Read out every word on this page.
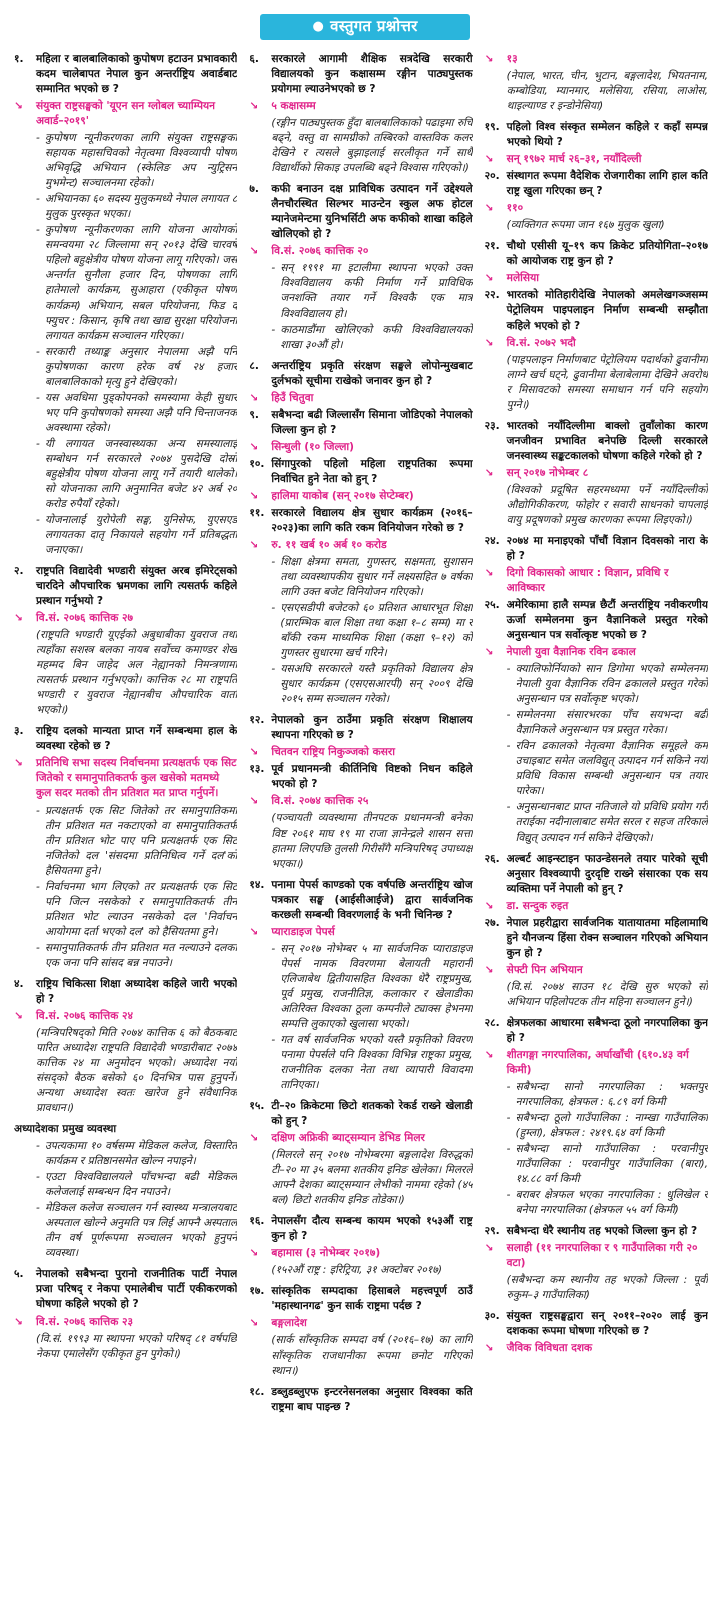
● वस्तुगत प्रश्नोत्तर
१.	महिला र बालबालिकाको कुपोषण हटाउन प्रभावकारी कदम चालेबापत नेपाल कुन अन्तर्राष्ट्रिय अवार्डबाट सम्मानित भएको छ ?
↘	संयुक्त राष्ट्रसङ्घको 'यूएन सन ग्लोबल च्याम्पियन अवार्ड–२०१९'
- कुपोषण न्यूनीकरणका लागि संयुक्त राष्ट्रसङ्घका सहायक महासचिवको नेतृत्वमा विश्वव्यापी पोषण अभिवृद्धि अभियान (स्केलिङ अप न्युट्रिसन मुभमेन्ट) सञ्चालनमा रहेको।
- अभियानका ६० सदस्य मुलुकमध्ये नेपाल लगायत ८ मुलुक पुरस्कृत भएका।
- कुपोषण न्यूनीकरणका लागि योजना आयोगको समन्वयमा २८ जिल्लामा सन् २०१३ देखि चारवर्षे पहिलो बहुक्षेत्रीय पोषण योजना लागू गरिएको। जस अन्तर्गत सुनौला हजार दिन, पोषणका लागि हातेमालो कार्यक्रम, सुआहारा (एकीकृत पोषण कार्यक्रम) अभियान, सबल परियोजना, फिड द फ्युचर : किसान, कृषि तथा खाद्य सुरक्षा परियोजना लगायत कार्यक्रम सञ्चालन गरिएका।
- सरकारी तथ्याङ्क अनुसार नेपालमा अझै पनि कुपोषणका कारण हरेक वर्ष २४ हजार बालबालिकाको मृत्यु हुने देखिएको।
- यस अवधिमा पुड्कोपनको समस्यामा केही सुधार भए पनि कुपोषणको समस्या अझै पनि चिन्ताजनक अवस्थामा रहेको।
- यी लगायत जनस्वास्थ्यका अन्य समस्यालाई सम्बोधन गर्न सरकारले २०७४ पुसदेखि दोस्रो बहुक्षेत्रीय पोषण योजना लागू गर्ने तयारी थालेको। सो योजनाका लागि अनुमानित बजेट ४२ अर्ब २० करोड रुपैयाँ रहेको।
- योजनालाई युरोपेली सङ्घ, युनिसेफ, युएसएड लगायतका दातृ निकायले सहयोग गर्ने प्रतिबद्धता जनाएका।
२.	राष्ट्रपति विद्यादेवी भण्डारी संयुक्त अरब इमिरेट्सको चारदिने औपचारिक भ्रमणका लागि त्यसतर्फ कहिले प्रस्थान गर्नुभयो ?
↘	वि.सं. २०७६ कात्तिक २७
(राष्ट्रपति भण्डारी यूएईको अबुधाबीका युवराज तथा त्यहाँका सशस्त्र बलका नायब सर्वोच्च कमाण्डर शेख महम्मद बिन जाहेद अल नेह्यानको निमन्त्रणामा त्यसतर्फ प्रस्थान गर्नुभएको। कात्तिक २८ मा राष्ट्रपति भण्डारी र युवराज नेह्यानबीच औपचारिक वार्ता भएको।)
३.	राष्ट्रिय दलको मान्यता प्राप्त गर्ने सम्बन्धमा हाल के व्यवस्था रहेको छ ?
↘	प्रतिनिधि सभा सदस्य निर्वाचनमा प्रत्यक्षतर्फ एक सिट जितेको र समानुपातिकतर्फ कुल खसेको मतमध्ये कुल सदर मतको तीन प्रतिशत मत प्राप्त गर्नुपर्ने।
- प्रत्यक्षतर्फ एक सिट जितेको तर समानुपातिकमा तीन प्रतिशत मत नकटाएको वा समानुपातिकतर्फ तीन प्रतिशत भोट पाए पनि प्रत्यक्षतर्फ एक सिट नजितेको दल 'संसदमा प्रतिनिधित्व गर्ने दल'को हैसियतमा हुने।
- निर्वाचनमा भाग लिएको तर प्रत्यक्षतर्फ एक सिट पनि जित्न नसकेको र समानुपातिकतर्फ तीन प्रतिशत भोट ल्याउन नसकेको दल 'निर्वाचन आयोगमा दर्ता भएको दल' को हैसियतमा हुने।
- समानुपातिकतर्फ तीन प्रतिशत मत नल्याउने दलका एक जना पनि सांसद बन्न नपाउने।
४.	राष्ट्रिय चिकित्सा शिक्षा अध्यादेश कहिले जारी भएको हो ?
↘	वि.सं. २०७६ कात्तिक २४
(मन्त्रिपरिषद्को मिति २०७४ कात्तिक ६ को बैठकबाट पारित अध्यादेश राष्ट्रपति विद्यादेवी भण्डारीबाट २०७४ कात्तिक २४ मा अनुमोदन भएको। अध्यादेश नयाँ संसद्को बैठक बसेको ६० दिनभित्र पास हुनुपर्ने। अन्यथा अध्यादेश स्वतः खारेज हुने संवैधानिक प्रावधान।)
अध्यादेशका प्रमुख व्यवस्था
- उपत्यकामा १० वर्षसम्म मेडिकल कलेज, विस्तारित कार्यक्रम र प्रतिष्ठानसमेत खोल्न नपाइने।
- एउटा विश्वविद्यालयले पाँचभन्दा बढी मेडिकल कलेजलाई सम्बन्धन दिन नपाउने।
- मेडिकल कलेज सञ्चालन गर्न स्वास्थ्य मन्त्रालयबाट अस्पताल खोल्ने अनुमति पत्र लिई आफ्नै अस्पताल तीन वर्ष पूर्णरूपमा सञ्चालन भएको हुनुपर्ने व्यवस्था।
५.	नेपालको सबैभन्दा पुरानो राजनीतिक पार्टी नेपाल प्रजा परिषद् र नेकपा एमालेबीच पार्टी एकीकरणको घोषणा कहिले भएको हो ?
↘	वि.सं. २०७६ कात्तिक २३
(वि.सं. १९९३ मा स्थापना भएको परिषद् ८१ वर्षपछि नेकपा एमालेसँग एकीकृत हुन पुगेको।)
६.	सरकारले आगामी शैक्षिक सत्रदेखि सरकारी विद्यालयको कुन कक्षासम्म रङ्गीन पाठ्यपुस्तक प्रयोगमा ल्याउनेभएको छ ?
↘	५ कक्षासम्म
(रङ्गीन पाठ्यपुस्तक हुँदा बालबालिकाको पढाइमा रुचि बढ्ने, वस्तु वा सामग्रीको तस्बिरको वास्तविक कलर देखिने र त्यसले बुझाइलाई सरलीकृत गर्ने साथै विद्यार्थीको सिकाइ उपलब्धि बढ्ने विश्वास गरिएको।)
७.	कफी बनाउन दक्ष प्राविधिक उत्पादन गर्ने उद्देश्यले लैनचौरस्थित सिल्भर माउन्टेन स्कुल अफ होटल म्यानेजमेन्टमा युनिभर्सिटी अफ कफीको शाखा कहिले खोलिएको हो ?
↘	वि.सं. २०७६ कात्तिक २०
- सन् १९९१ मा इटालीमा स्थापना भएको उक्त विश्वविद्यालय कफी निर्माण गर्ने प्राविधिक जनशक्ति तयार गर्ने विश्वकै एक मात्र विश्वविद्यालय हो।
- काठमाडौंमा खोलिएको कफी विश्वविद्यालयको शाखा ३०औं हो।
८.	अन्तर्राष्ट्रिय प्रकृति संरक्षण सङ्घले लोपोन्मुखबाट दुर्लभको सूचीमा राखेको जनावर कुन हो ?
↘	हिउँ चितुवा
९.	सबैभन्दा बढी जिल्लासँग सिमाना जोडिएको नेपालको जिल्ला कुन हो ?
↘	सिन्धुली (१० जिल्ला)
१०. सिंगापुरको पहिलो महिला राष्ट्रपतिका रूपमा निर्वाचित हुने नेता को हुन् ?
↘	हालिमा याकोब (सन् २०१७ सेप्टेम्बर)
११. सरकारले विद्यालय क्षेत्र सुधार कार्यक्रम (२०१६–२०२३)का लागि कति रकम विनियोजन गरेको छ ?
↘	रु. ११ खर्ब १० अर्ब १० करोड
- शिक्षा क्षेत्रमा समता, गुणस्तर, सक्षमता, सुशासन तथा व्यवस्थापकीय सुधार गर्ने लक्ष्यसहित ७ वर्षका लागि उक्त बजेट विनियोजन गरिएको।
- एसएसडीपी बजेटको ६० प्रतिशत आधारभूत शिक्षा (प्रारम्भिक बाल शिक्षा तथा कक्षा १–८ सम्म) मा र बाँकी रकम माध्यमिक शिक्षा (कक्षा ९–१२) को गुणस्तर सुधारमा खर्च गरिने।
- यसअघि सरकारले यस्तै प्रकृतिको विद्यालय क्षेत्र सुधार कार्यक्रम (एसएसआरपी) सन् २००९ देखि २०१५ सम्म सञ्चालन गरेको।
१२. नेपालको कुन ठाउँमा प्रकृति संरक्षण शिक्षालय स्थापना गरिएको छ ?
↘	चितवन राष्ट्रिय निकुञ्जको कसरा
१३. पूर्व प्रधानमन्त्री कीर्तिनिधि विष्टको निधन कहिले भएको हो ?
↘	वि.सं. २०७४ कात्तिक २५
(पञ्चायती व्यवस्थामा तीनपटक प्रधानमन्त्री बनेका विष्ट २०६१ माघ १९ मा राजा ज्ञानेन्द्रले शासन सत्ता हातमा लिएपछि तुलसी गिरीसँगै मन्त्रिपरिषद् उपाध्यक्ष भएका।)
१४. पनामा पेपर्स काण्डको एक वर्षपछि अन्तर्राष्ट्रिय खोज पत्रकार सङ्घ (आईसीआईजे) द्वारा सार्वजनिक करछली सम्बन्धी विवरणलाई के भनी चिनिन्छ ?
↘	प्याराडाइज पेपर्स
- सन् २०१७ नोभेम्बर ५ मा सार्वजनिक प्याराडाइज पेपर्स नामक विवरणमा बेलायती महारानी एलिजाबेथ द्वितीयासहित विश्वका धेरै राष्ट्रप्रमुख, पूर्व प्रमुख, राजनीतिज्ञ, कलाकार र खेलाडीका अतिरिक्त विश्वका ठूला कम्पनीले ट्याक्स हेभनमा सम्पत्ति लुकाएको खुलासा भएको।
- गत वर्ष सार्वजनिक भएको यस्तै प्रकृतिको विवरण पनामा पेपर्सले पनि विश्वका विभिन्न राष्ट्रका प्रमुख, राजनीतिक दलका नेता तथा व्यापारी विवादमा तानिएका।
१५. टी–२० क्रिकेटमा छिटो शतकको रेकर्ड राख्ने खेलाडी को हुन् ?
↘	दक्षिण अफ्रिकी ब्याट्सम्यान डेभिड मिलर
(मिलरले सन् २०१७ नोभेम्बरमा बङ्गलादेश विरुद्धको टी–२० मा ३५ बलमा शतकीय इनिङ खेलेका। मिलरले आफ्नै देशका ब्याट्सम्यान लेभीको नाममा रहेको (४५ बल) छिटो शतकीय इनिङ तोडेका।)
१६. नेपालसँग दौत्य सम्बन्ध कायम भएको १५३औं राष्ट्र कुन हो ?
↘	बहामास (३ नोभेम्बर २०१७)
(१५२औं राष्ट्र : इरिट्रिया, ३१ अक्टोबर २०१७)
१७. सांस्कृतिक सम्पदाका हिसाबले महत्त्वपूर्ण ठाउँ 'महास्थानगढ' कुन सार्क राष्ट्रमा पर्दछ ?
↘	बङ्गलादेश
(सार्क साँस्कृतिक सम्पदा वर्ष (२०१६–१७) का लागि साँस्कृतिक राजधानीका रूपमा छनोट गरिएको स्थान।)
१८. डब्लुडब्लुएफ इन्टरनेसनलका अनुसार विश्वका कति राष्ट्रमा बाघ पाइन्छ ?
↘	१३
(नेपाल, भारत, चीन, भुटान, बङ्गलादेश, भियतनाम, कम्बोडिया, म्यानमार, मलेसिया, रसिया, लाओस, थाइल्याण्ड र इन्डोनेसिया)
१९. पहिलो विश्व संस्कृत सम्मेलन कहिले र कहाँ सम्पन्न भएको थियो ?
↘	सन् १९७२ मार्च २६–३१, नयाँदिल्ली
२०. संस्थागत रूपमा वैदेशिक रोजगारीका लागि हाल कति राष्ट्र खुला गरिएका छन् ?
↘	११०
(व्यक्तिगत रूपमा जान १६७ मुलुक खुला)
२१. चौथो एसीसी यू–१९ कप क्रिकेट प्रतियोगिता–२०१७ को आयोजक राष्ट्र कुन हो ?
↘	मलेसिया
२२. भारतको मोतिहारीदेखि नेपालको अमलेखगञ्जसम्म पेट्रोलियम पाइपलाइन निर्माण सम्बन्धी सम्झौता कहिले भएको हो ?
↘	वि.सं. २०७२ भदौ
(पाइपलाइन निर्माणबाट पेट्रोलियम पदार्थको ढुवानीमा लाग्ने खर्च घट्ने, ढुवानीमा बेलाबेलामा देखिने अवरोध र मिसावटको समस्या समाधान गर्न पनि सहयोग पुग्ने।)
२३. भारतको नयाँदिल्लीमा बाक्लो तुवाँलोका कारण जनजीवन प्रभावित बनेपछि दिल्ली सरकारले जनस्वास्थ्य सङ्कटकालको घोषणा कहिले गरेको हो ?
↘	सन् २०१७ नोभेम्बर ८
(विश्वको प्रदूषित सहरमध्यमा पर्ने नयाँदिल्लीको औद्योगिकीकरण, फोहोर र सवारी साधनको चापलाई वायु प्रदूषणको प्रमुख कारणका रूपमा लिइएको।)
२४. २०७४ मा मनाइएको पाँचौं विज्ञान दिवसको नारा के हो ?
↘	दिगो विकासको आधार : विज्ञान, प्रविधि र आविष्कार
२५. अमेरिकामा हालै सम्पन्न छैटौं अन्तर्राष्ट्रिय नवीकरणीय ऊर्जा सम्मेलनमा कुन वैज्ञानिकले प्रस्तुत गरेको अनुसन्धान पत्र सर्वोत्कृष्ट भएको छ ?
↘	नेपाली युवा वैज्ञानिक रविन ढकाल
- क्यालिफोर्नियाको सान डिगोमा भएको सम्मेलनमा नेपाली युवा वैज्ञानिक रविन ढकालले प्रस्तुत गरेको अनुसन्धान पत्र सर्वोत्कृष्ट भएको।
- सम्मेलनमा संसारभरका पाँच सयभन्दा बढी वैज्ञानिकले अनुसन्धान पत्र प्रस्तुत गरेका।
- रविन ढकालको नेतृत्वमा वैज्ञानिक समूहले कम उचाइबाट समेत जलविद्युत् उत्पादन गर्न सकिने नयाँ प्रविधि विकास सम्बन्धी अनुसन्धान पत्र तयार पारेका।
- अनुसन्धानबाट प्राप्त नतिजाले यो प्रविधि प्रयोग गरी तराईका नदीनालाबाट समेत सरल र सहज तरिकाले विद्युत् उत्पादन गर्न सकिने देखिएको।
२६. अल्बर्ट आइन्स्टाइन फाउन्डेसनले तयार पारेको सूची अनुसार विश्वव्यापी दुरदृष्टि राख्ने संसारका एक सय व्यक्तिमा पर्ने नेपाली को हुन् ?
↘	डा. सन्दुक रुइत
२७. नेपाल प्रहरीद्वारा सार्वजनिक यातायातमा महिलामाथि हुने यौनजन्य हिंसा रोक्न सञ्चालन गरिएको अभियान कुन हो ?
↘	सेफ्टी पिन अभियान
(वि.सं. २०७४ साउन १८ देखि सुरु भएको सो अभियान पहिलोपटक तीन महिना सञ्चालन हुने।)
२८. क्षेत्रफलका आधारमा सबैभन्दा ठूलो नगरपालिका कुन हो ?
↘	शीतगङ्गा नगरपालिका, अर्घाखाँची (६१०.४३ वर्ग किमी)
- सबैभन्दा सानो नगरपालिका : भक्तपुर नगरपालिका, क्षेत्रफल : ६.८९ वर्ग किमी
- सबैभन्दा ठूलो गाउँपालिका : नाम्खा गाउँपालिका (हुम्ला), क्षेत्रफल : २४१९.६४ वर्ग किमी
- सबैभन्दा सानो गाउँपालिका : परवानीपुर गाउँपालिका : परवानीपुर गाउँपालिका (बारा), १४.८८ वर्ग किमी
- बराबर क्षेत्रफल भएका नगरपालिका : धुलिखेल र बनेपा नगरपालिका (क्षेत्रफल ५५ वर्ग किमी)
२९. सबैभन्दा धेरै स्थानीय तह भएको जिल्ला कुन हो ?
↘	सलाही (११ नगरपालिका र ९ गाउँपालिका गरी २० वटा)
(सबैभन्दा कम स्थानीय तह भएको जिल्ला : पूर्वी रुकुम–३ गाउँपालिका)
३०. संयुक्त राष्ट्रसङ्घद्वारा सन् २०११–२०२० लाई कुन दशकका रूपमा घोषणा गरिएको छ ?
↘	जैविक विविधता दशक
